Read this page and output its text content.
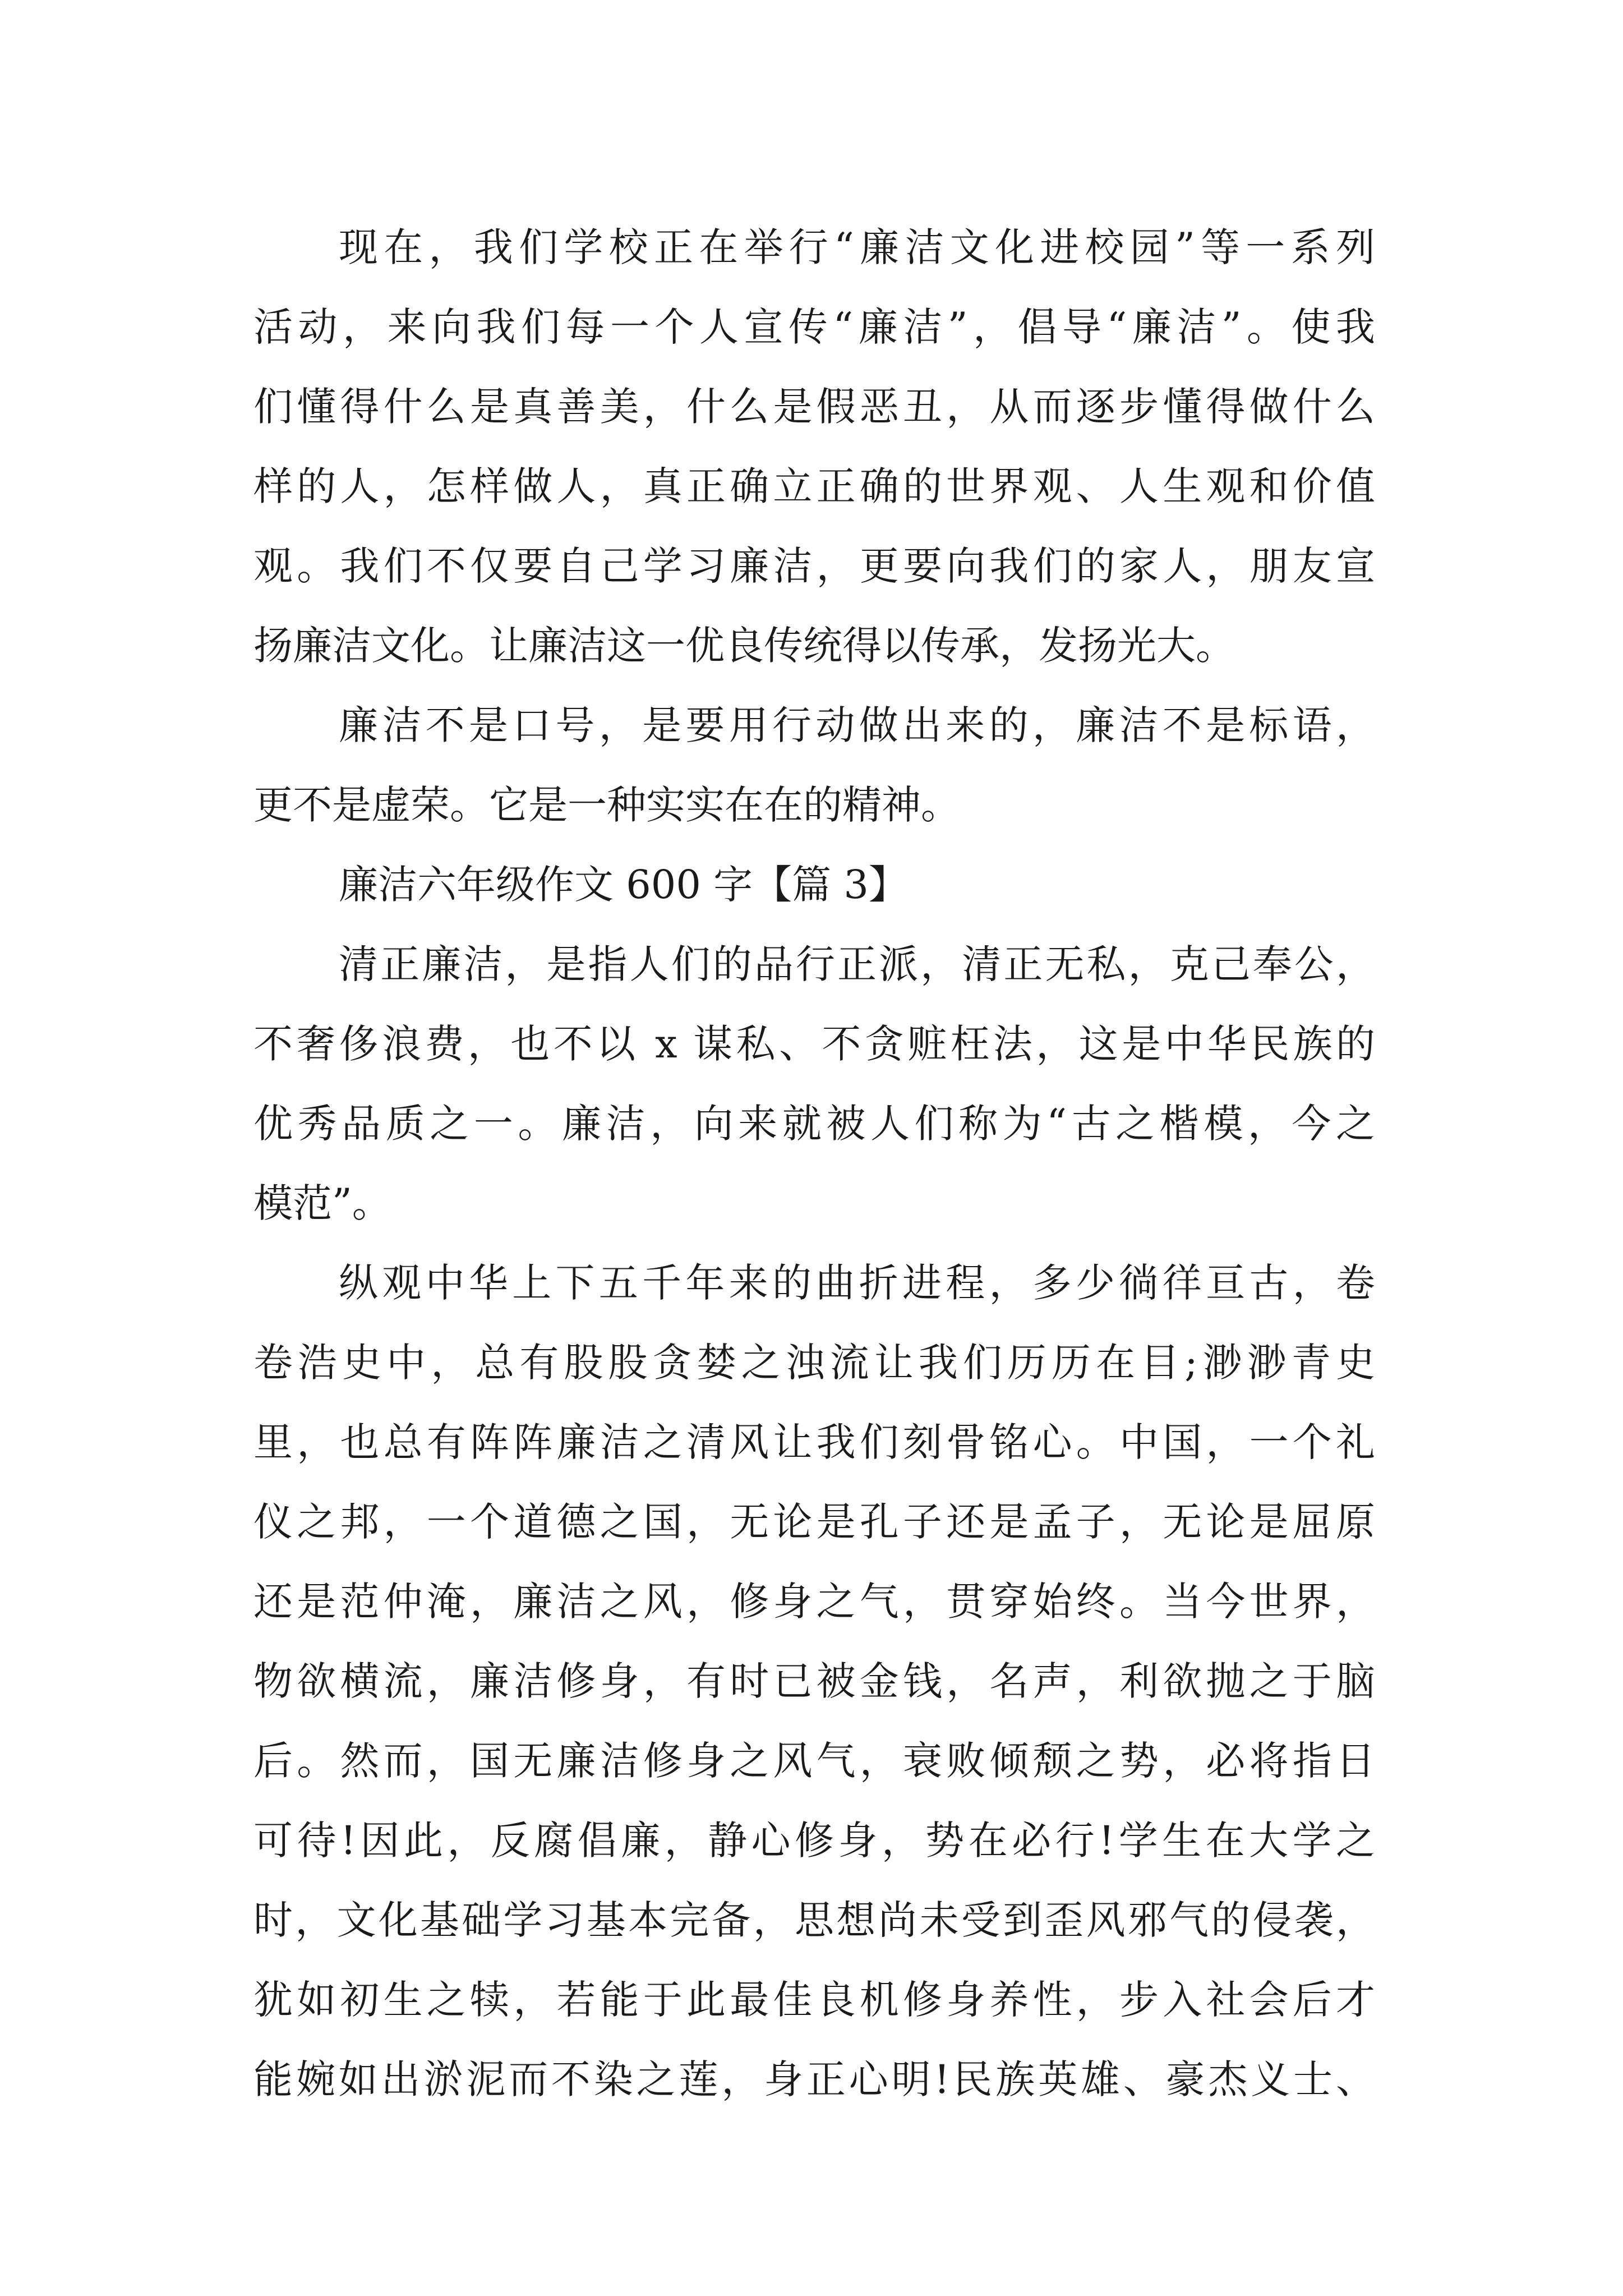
现在，我们学校正在举行“廉洁文化进校园”等一系列
活动，来向我们每一个人宣传“廉洁”，倡导“廉洁”。使我
们懂得什么是真善美，什么是假恶丑，从而逐步懂得做什么
样的人，怎样做人，真正确立正确的世界观、人生观和价值
观。我们不仅要自己学习廉洁，更要向我们的家人，朋友宣
扬廉洁文化。让廉洁这一优良传统得以传承，发扬光大。
廉洁不是口号，是要用行动做出来的，廉洁不是标语，
更不是虚荣。它是一种实实在在的精神。
廉洁六年级作文 600 字【篇 3】
清正廉洁，是指人们的品行正派，清正无私，克己奉公，
不奢侈浪费，也不以 x 谋私、不贪赃枉法，这是中华民族的
优秀品质之一。廉洁，向来就被人们称为“古之楷模，今之
模范”。
纵观中华上下五千年来的曲折进程，多少徜徉亘古，卷
卷浩史中，总有股股贪婪之浊流让我们历历在目;渺渺青史
里，也总有阵阵廉洁之清风让我们刻骨铭心。中国，一个礼
仪之邦，一个道德之国，无论是孔子还是孟子，无论是屈原
还是范仲淹，廉洁之风，修身之气，贯穿始终。当今世界，
物欲横流，廉洁修身，有时已被金钱，名声，利欲抛之于脑
后。然而，国无廉洁修身之风气，衰败倾颓之势，必将指日
可待!因此，反腐倡廉，静心修身，势在必行!学生在大学之
时，文化基础学习基本完备，思想尚未受到歪风邪气的侵袭，
犹如初生之犊，若能于此最佳良机修身养性，步入社会后才
能婉如出淤泥而不染之莲，身正心明!民族英雄、豪杰义士、
